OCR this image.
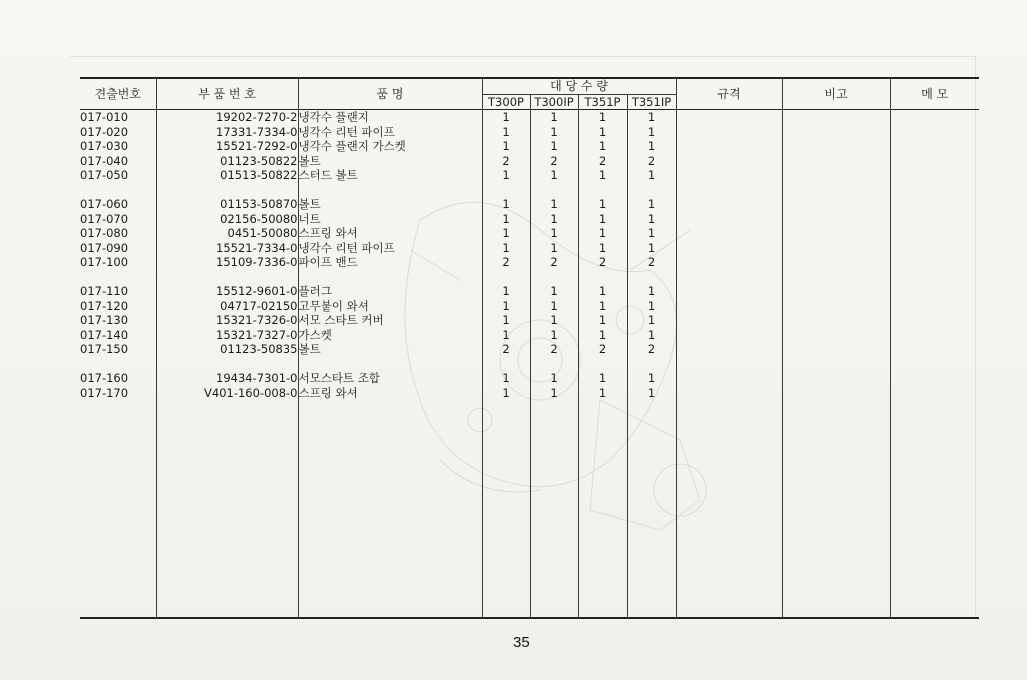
견출번호	부 품 번 호	품 명	대 당 수 량				규격	비고	메 모
			T300P	T300IP	T351P	T351IP			
017-010	19202-7270-2	냉각수 플랜지	1	1	1	1			
017-020	17331-7334-0	냉각수 리턴 파이프	1	1	1	1			
017-030	15521-7292-0	냉각수 플랜지 가스켓	1	1	1	1			
017-040	01123-50822	볼트	2	2	2	2			
017-050	01513-50822	스터드 볼트	1	1	1	1			

017-060	01153-50870	볼트	1	1	1	1			
017-070	02156-50080	너트	1	1	1	1			
017-080	0451-50080	스프링 와셔	1	1	1	1			
017-090	15521-7334-0	냉각수 리턴 파이프	1	1	1	1			
017-100	15109-7336-0	파이프 밴드	2	2	2	2			

017-110	15512-9601-0	플러그	1	1	1	1			
017-120	04717-02150	고무붙이 와셔	1	1	1	1			
017-130	15321-7326-0	서모 스타트 커버	1	1	1	1			
017-140	15321-7327-0	가스켓	1	1	1	1			
017-150	01123-50835	볼트	2	2	2	2			

017-160	19434-7301-0	서모스타트 조합	1	1	1	1			
017-170	V401-160-008-0	스프링 와셔	1	1	1	1			

35
